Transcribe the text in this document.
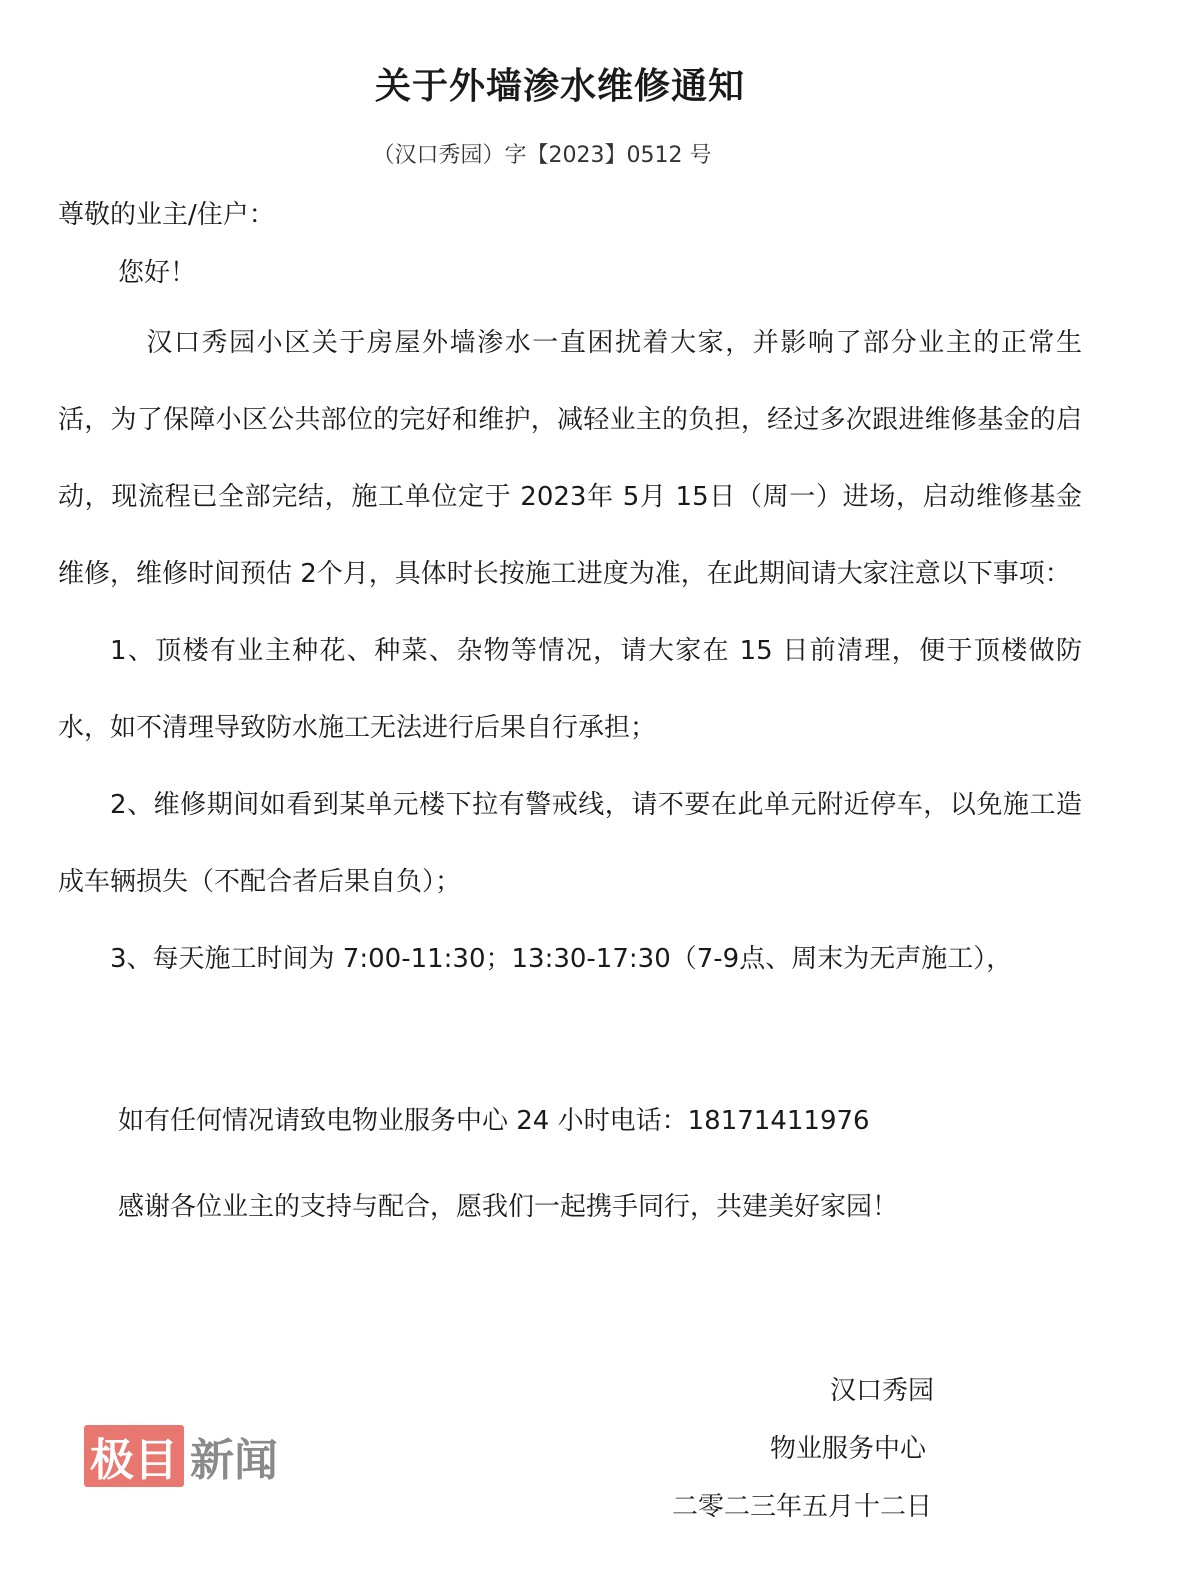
关于外墙渗水维修通知
（汉口秀园）字【2023】0512 号
尊敬的业主/住户：
您好！

汉口秀园小区关于房屋外墙渗水一直困扰着大家，并影响了部分业主的正常生活，为了保障小区公共部位的完好和维护，减轻业主的负担，经过多次跟进维修基金的启动，现流程已全部完结，施工单位定于 2023年 5月 15日（周一）进场，启动维修基金维修，维修时间预估 2个月，具体时长按施工进度为准，在此期间请大家注意以下事项：

1、顶楼有业主种花、种菜、杂物等情况，请大家在 15 日前清理，便于顶楼做防水，如不清理导致防水施工无法进行后果自行承担；

2、维修期间如看到某单元楼下拉有警戒线，请不要在此单元附近停车，以免施工造成车辆损失（不配合者后果自负）；

3、每天施工时间为 7:00-11:30；13:30-17:30（7-9点、周末为无声施工），

如有任何情况请致电物业服务中心 24 小时电话：18171411976
感谢各位业主的支持与配合，愿我们一起携手同行，共建美好家园！
汉口秀园
物业服务中心
二零二三年五月十二日
极目 新闻
